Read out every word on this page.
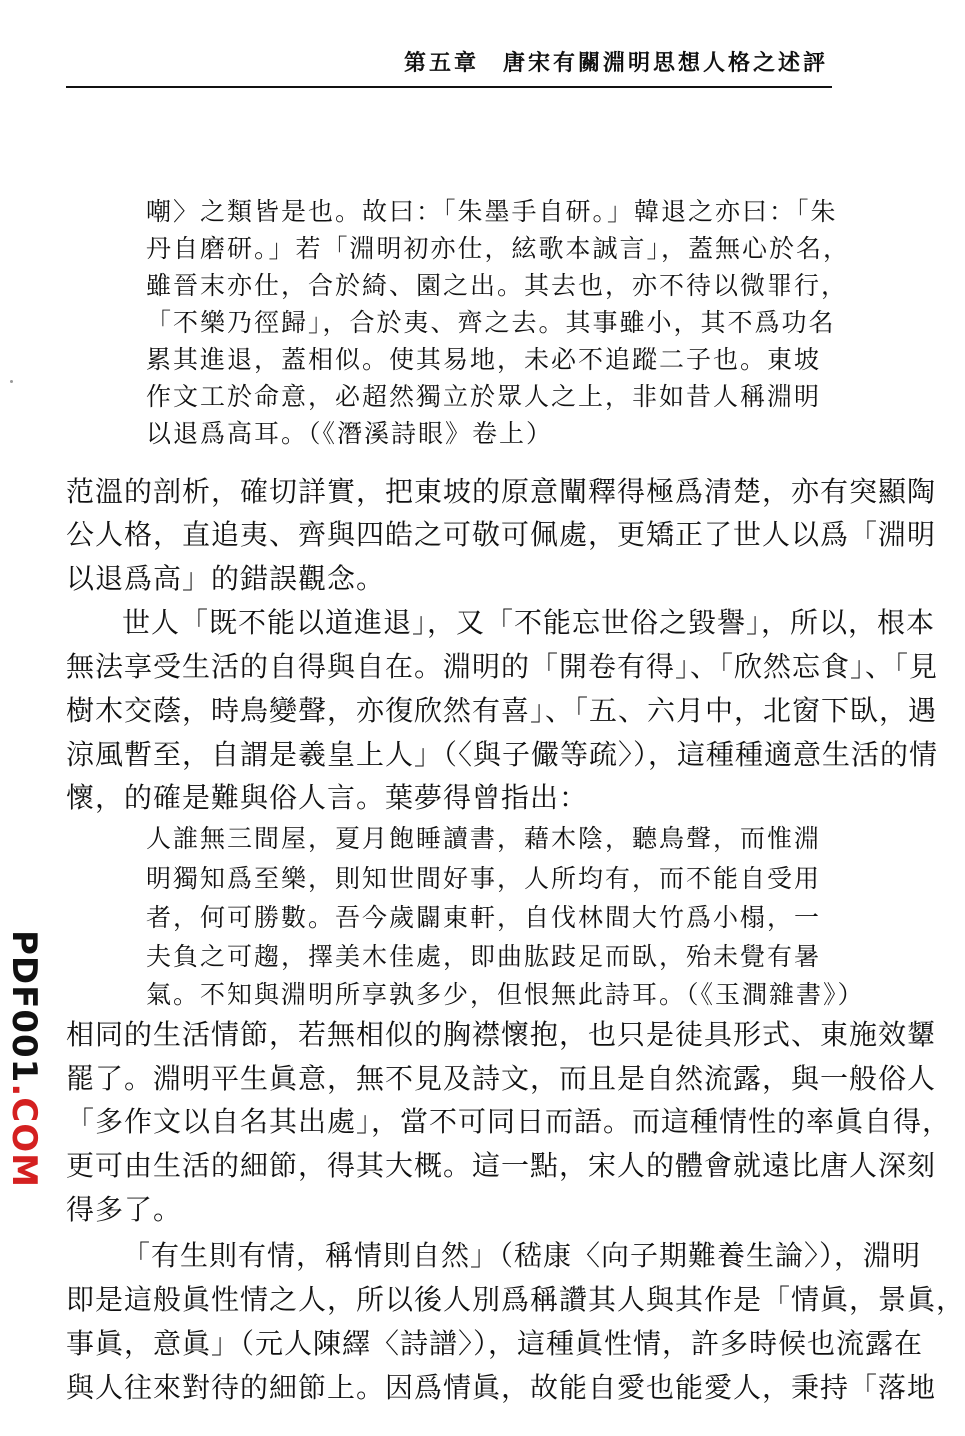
第五章 唐宋有關淵明思想人格之述評
嘲〉之類皆是也。故曰：「朱墨手自研。」韓退之亦曰：「朱
丹自磨研。」若「淵明初亦仕，絃歌本誠言」，蓋無心於名，
雖晉末亦仕，合於綺、園之出。其去也，亦不待以微罪行，
「不樂乃徑歸」，合於夷、齊之去。其事雖小，其不爲功名
累其進退，蓋相似。使其易地，未必不追蹤二子也。東坡
作文工於命意，必超然獨立於眾人之上，非如昔人稱淵明
以退爲高耳。（《潛溪詩眼》卷上）
范溫的剖析，確切詳實，把東坡的原意闡釋得極爲清楚，亦有突顯陶
公人格，直追夷、齊與四皓之可敬可佩處，更矯正了世人以爲「淵明
以退爲高」的錯誤觀念。
世人「既不能以道進退」，又「不能忘世俗之毀譽」，所以，根本
無法享受生活的自得與自在。淵明的「開卷有得」、「欣然忘食」、「見
樹木交蔭，時鳥變聲，亦復欣然有喜」、「五、六月中，北窗下臥，遇
涼風暫至，自謂是羲皇上人」（〈與子儼等疏〉），這種種適意生活的情
懷，的確是難與俗人言。葉夢得曾指出：
人誰無三間屋，夏月飽睡讀書，藉木陰，聽鳥聲，而惟淵
明獨知爲至樂，則知世間好事，人所均有，而不能自受用
者，何可勝數。吾今歲闢東軒，自伐林間大竹爲小榻，一
夫負之可趨，擇美木佳處，即曲肱跂足而臥，殆未覺有暑
氣。不知與淵明所享孰多少，但恨無此詩耳。（《玉澗雜書》）
相同的生活情節，若無相似的胸襟懷抱，也只是徒具形式、東施效顰
罷了。淵明平生眞意，無不見及詩文，而且是自然流露，與一般俗人
「多作文以自名其出處」，當不可同日而語。而這種情性的率眞自得，
更可由生活的細節，得其大概。這一點，宋人的體會就遠比唐人深刻
得多了。
「有生則有情，稱情則自然」（嵇康〈向子期難養生論〉），淵明
即是這般眞性情之人，所以後人別爲稱讚其人與其作是「情眞，景眞，
事眞，意眞」（元人陳繹〈詩譜〉），這種眞性情，許多時候也流露在
與人往來對待的細節上。因爲情眞，故能自愛也能愛人，秉持「落地
PDF001.COM
